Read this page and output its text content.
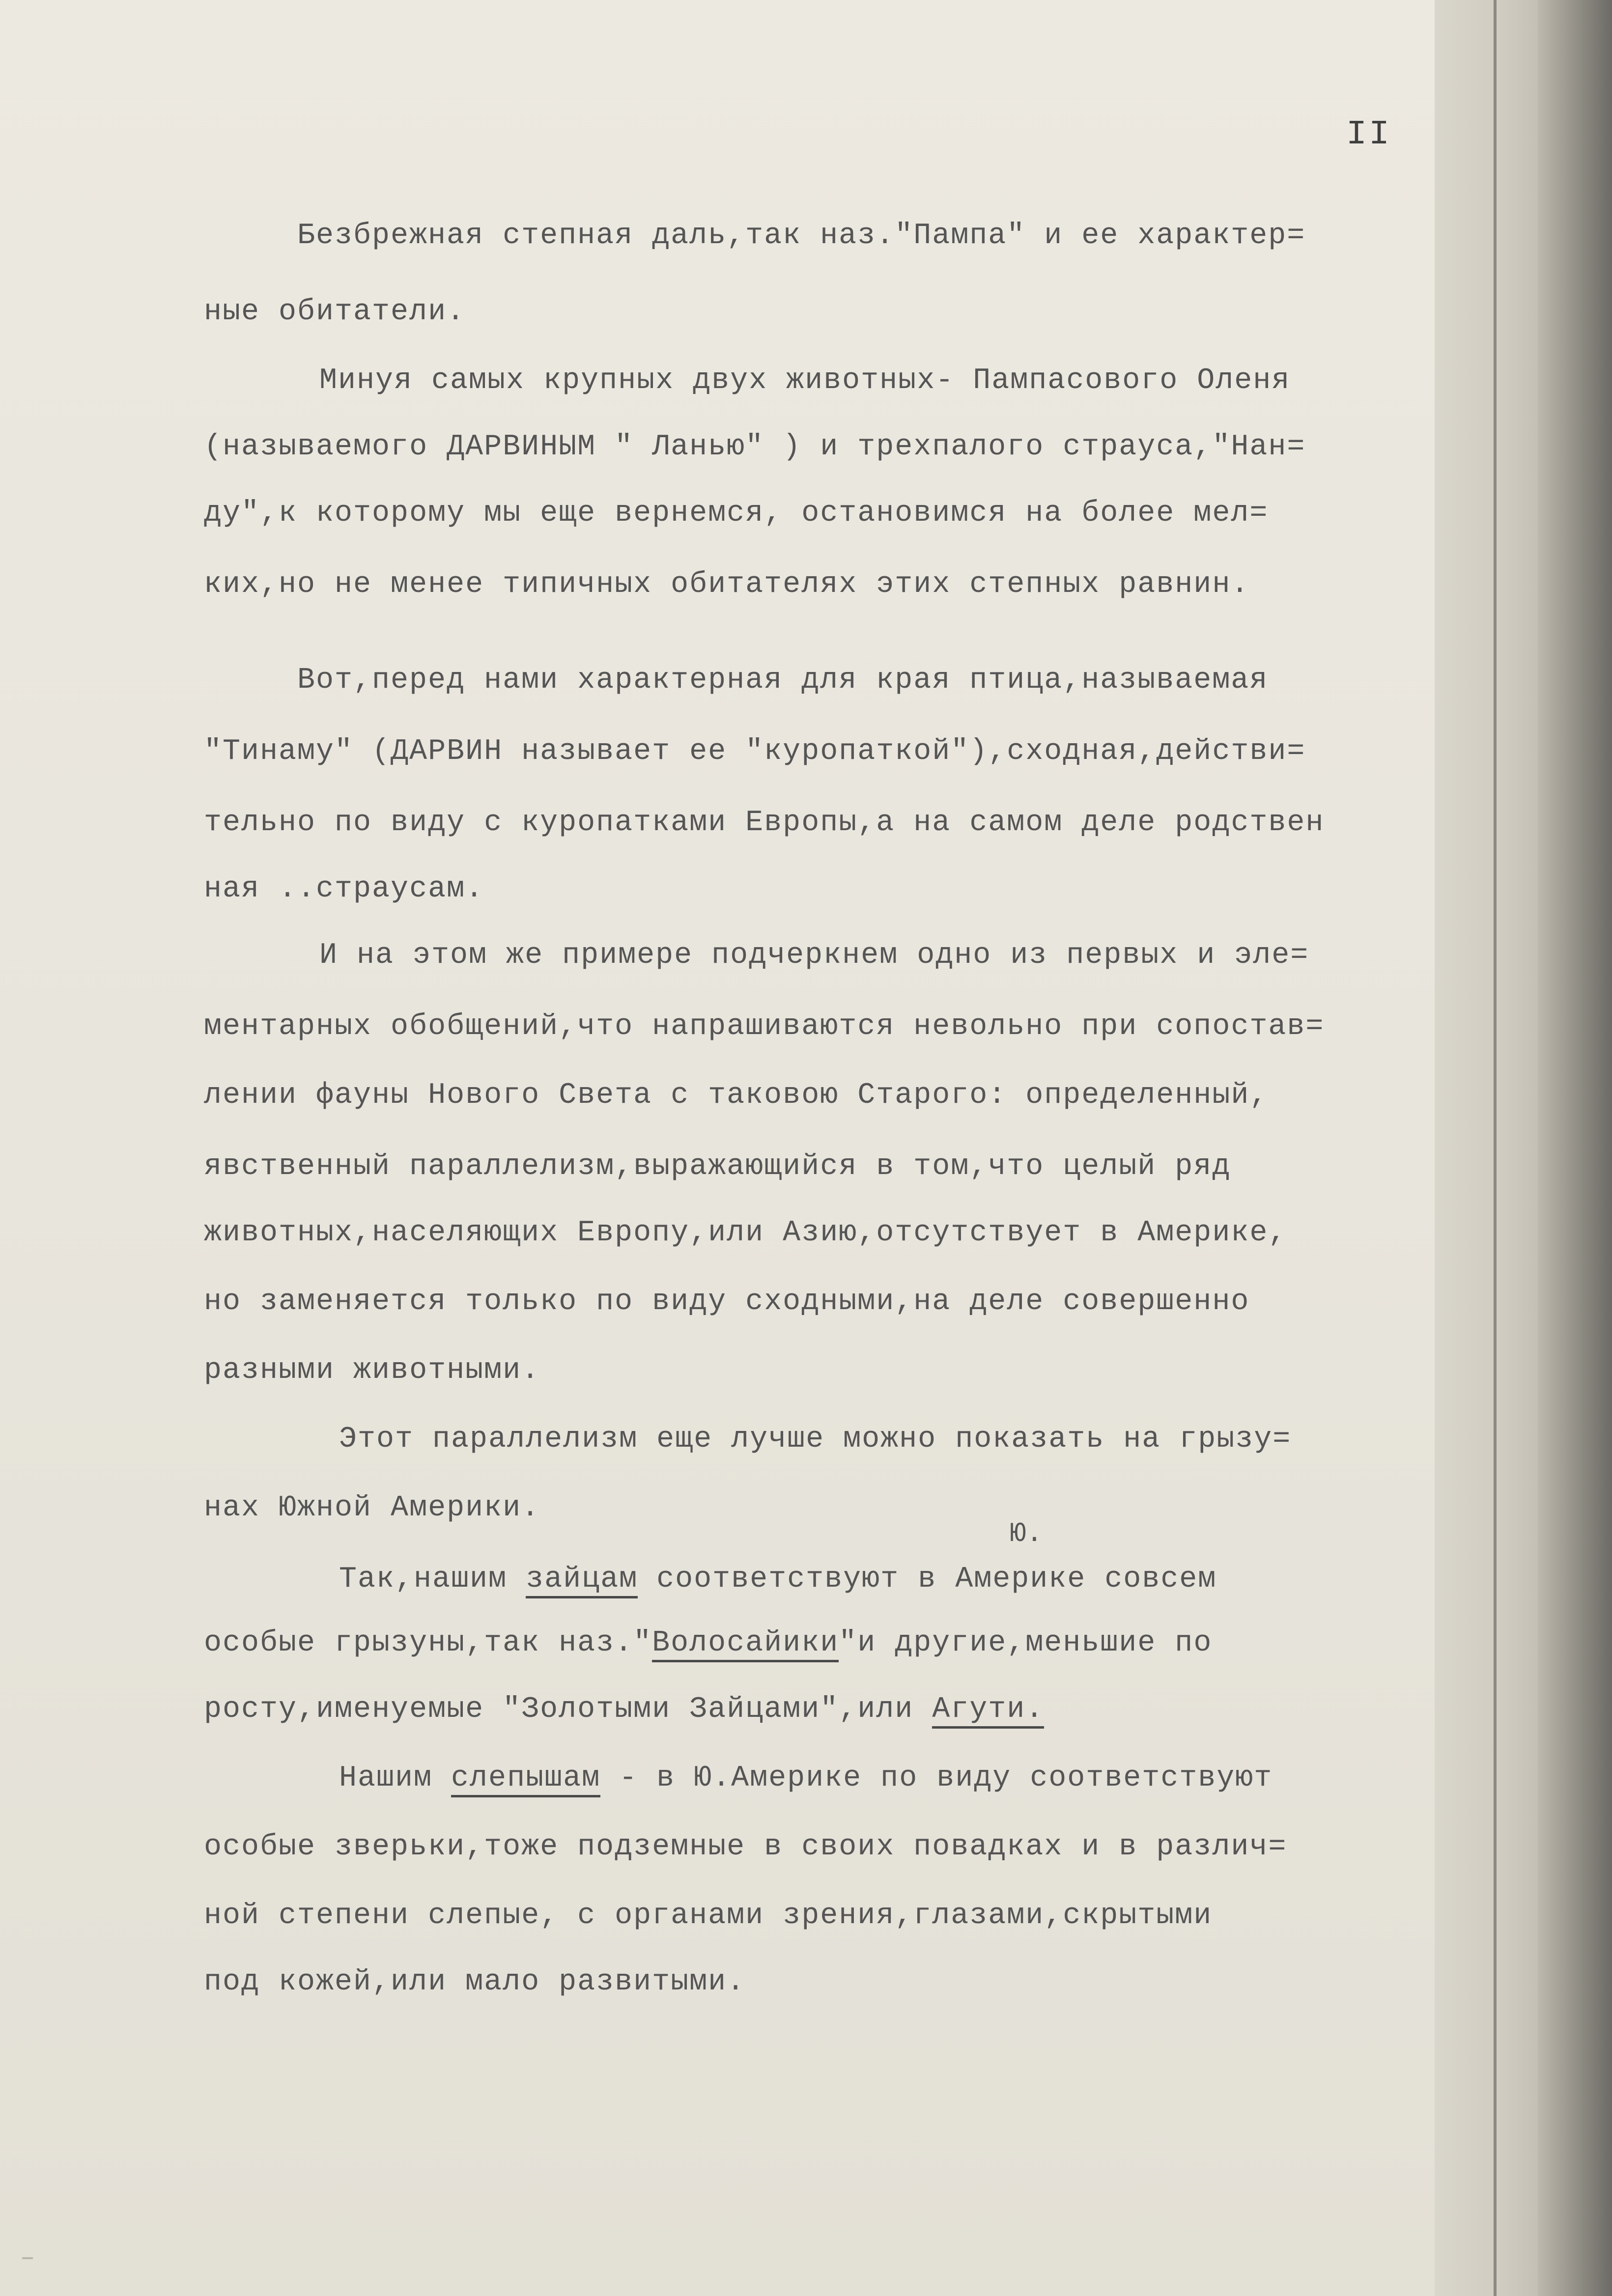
II
Безбрежная степная даль,так наз."Пампа" и ее характер=
ные обитатели.
Минуя самых крупных двух животных- Пампасового Оленя
(называемого ДАРВИНЫМ " Ланью" ) и трехпалого страуса,"Нан=
ду",к которому мы еще вернемся, остановимся на более мел=
ких,но не менее типичных обитателях этих степных равнин.
Вот,перед нами характерная для края птица,называемая
"Тинаму" (ДАРВИН называет ее "куропаткой"),сходная,действи=
тельно по виду с куропатками Европы,а на самом деле родствен
ная ..страусам.
И на этом же примере подчеркнем одно из первых и эле=
ментарных обобщений,что напрашиваются невольно при сопостав=
лении фауны Нового Света с таковою Старого: определенный,
явственный параллелизм,выражающийся в том,что целый ряд
животных,населяющих Европу,или Азию,отсутствует в Америке,
но заменяется только по виду сходными,на деле совершенно
разными животными.
Этот параллелизм еще лучше можно показать на грызу=
нах Южной Америки.
Ю.
Так,нашим зайцам соответствуют в Америке совсем
особые грызуны,так наз."Волосайики"и другие,меньшие по
росту,именуемые "Золотыми Зайцами",или Агути.
Нашим слепышам - в Ю.Америке по виду соответствуют
особые зверьки,тоже подземные в своих повадках и в различ=
ной степени слепые, с органами зрения,глазами,скрытыми
под кожей,или мало развитыми.
